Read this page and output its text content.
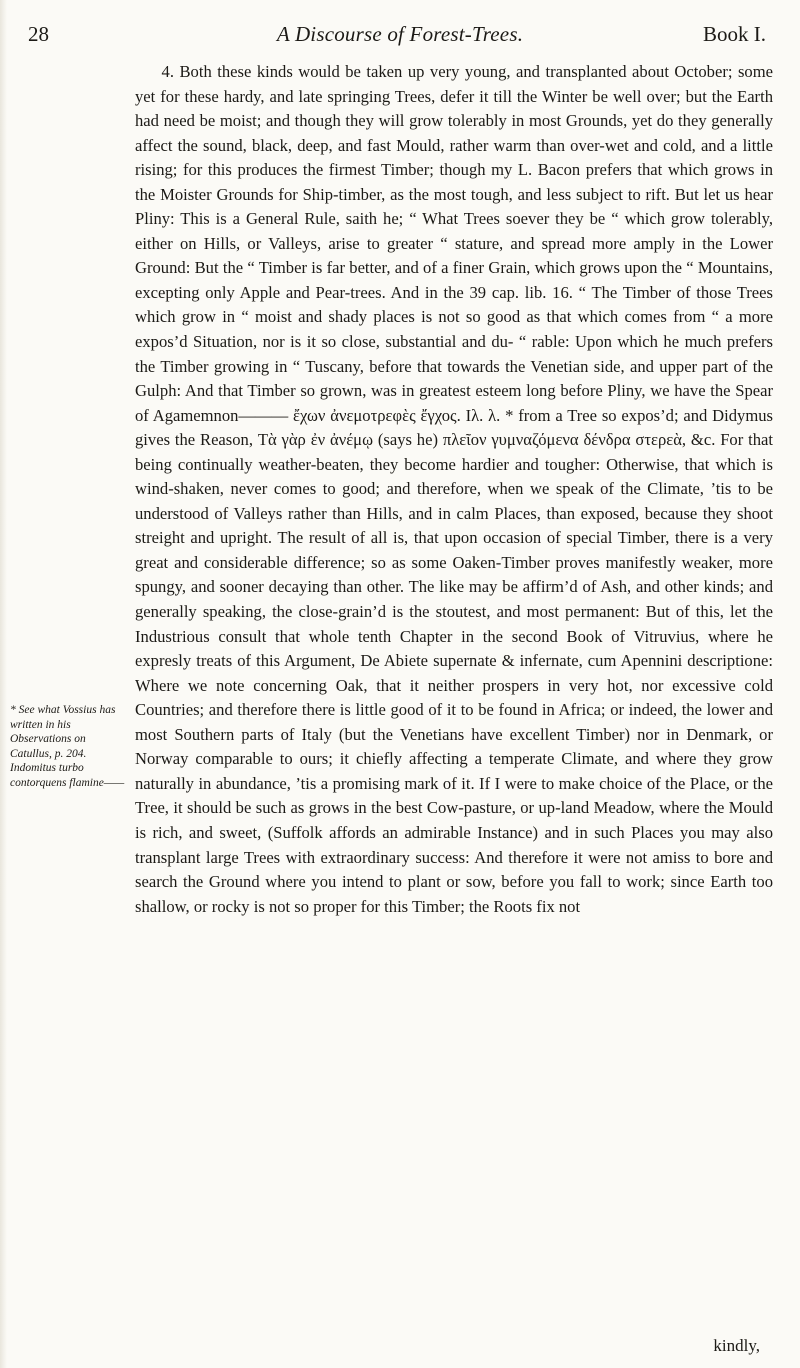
28	A Discourse of Forest-Trees.	Book I.
* See what Vossius has written in his Observations on Catullus, p. 204. Indomitus turbo contorquens flamine——
4. Both these kinds would be taken up very young, and transplanted about October; some yet for these hardy, and late springing Trees, defer it till the Winter be well over; but the Earth had need be moist; and though they will grow tolerably in most Grounds, yet do they generally affect the sound, black, deep, and fast Mould, rather warm than over-wet and cold, and a little rising; for this produces the firmest Timber; though my L. Bacon prefers that which grows in the Moister Grounds for Ship-timber, as the most tough, and less subject to rift. But let us hear Pliny: This is a General Rule, saith he; “ What Trees soever they be “ which grow tolerably, either on Hills, or Valleys, arise to greater “ stature, and spread more amply in the Lower Ground: But the “ Timber is far better, and of a finer Grain, which grows upon the “ Mountains, excepting only Apple and Pear-trees. And in the 39 cap. lib. 16. “ The Timber of those Trees which grow in “ moist and shady places is not so good as that which comes from “ a more expos’d Situation, nor is it so close, substantial and du- “ rable: Upon which he much prefers the Timber growing in “ Tuscany, before that towards the Venetian side, and upper part of the Gulph: And that Timber so grown, was in greatest esteem long before Pliny, we have the Spear of Agamemnon——— ἔχων ἀνεμοτρεφὲς ἔγχος. Ιλ. λ. * from a Tree so expos’d; and Didymus gives the Reason, Τὰ γὰρ ἐν ἀνέμῳ (says he) πλεῖον γυμναζόμενα δένδρα στερεὰ, &c. For that being continually weather-beaten, they become hardier and tougher: Otherwise, that which is wind-shaken, never comes to good; and therefore, when we speak of the Climate, ’tis to be understood of Valleys rather than Hills, and in calm Places, than exposed, because they shoot streight and upright. The result of all is, that upon occasion of special Timber, there is a very great and considerable difference; so as some Oaken-Timber proves manifestly weaker, more spungy, and sooner decaying than other. The like may be affirm’d of Ash, and other kinds; and generally speaking, the close-grain’d is the stoutest, and most permanent: But of this, let the Industrious consult that whole tenth Chapter in the second Book of Vitruvius, where he expresly treats of this Argument, De Abiete supernate & infernate, cum Apennini descriptione: Where we note concerning Oak, that it neither prospers in very hot, nor excessive cold Countries; and therefore there is little good of it to be found in Africa; or indeed, the lower and most Southern parts of Italy (but the Venetians have excellent Timber) nor in Denmark, or Norway comparable to ours; it chiefly affecting a temperate Climate, and where they grow naturally in abundance, ’tis a promising mark of it. If I were to make choice of the Place, or the Tree, it should be such as grows in the best Cow-pasture, or up-land Meadow, where the Mould is rich, and sweet, (Suffolk affords an admirable Instance) and in such Places you may also transplant large Trees with extraordinary success: And therefore it were not amiss to bore and search the Ground where you intend to plant or sow, before you fall to work; since Earth too shallow, or rocky is not so proper for this Timber; the Roots fix not
kindly,
